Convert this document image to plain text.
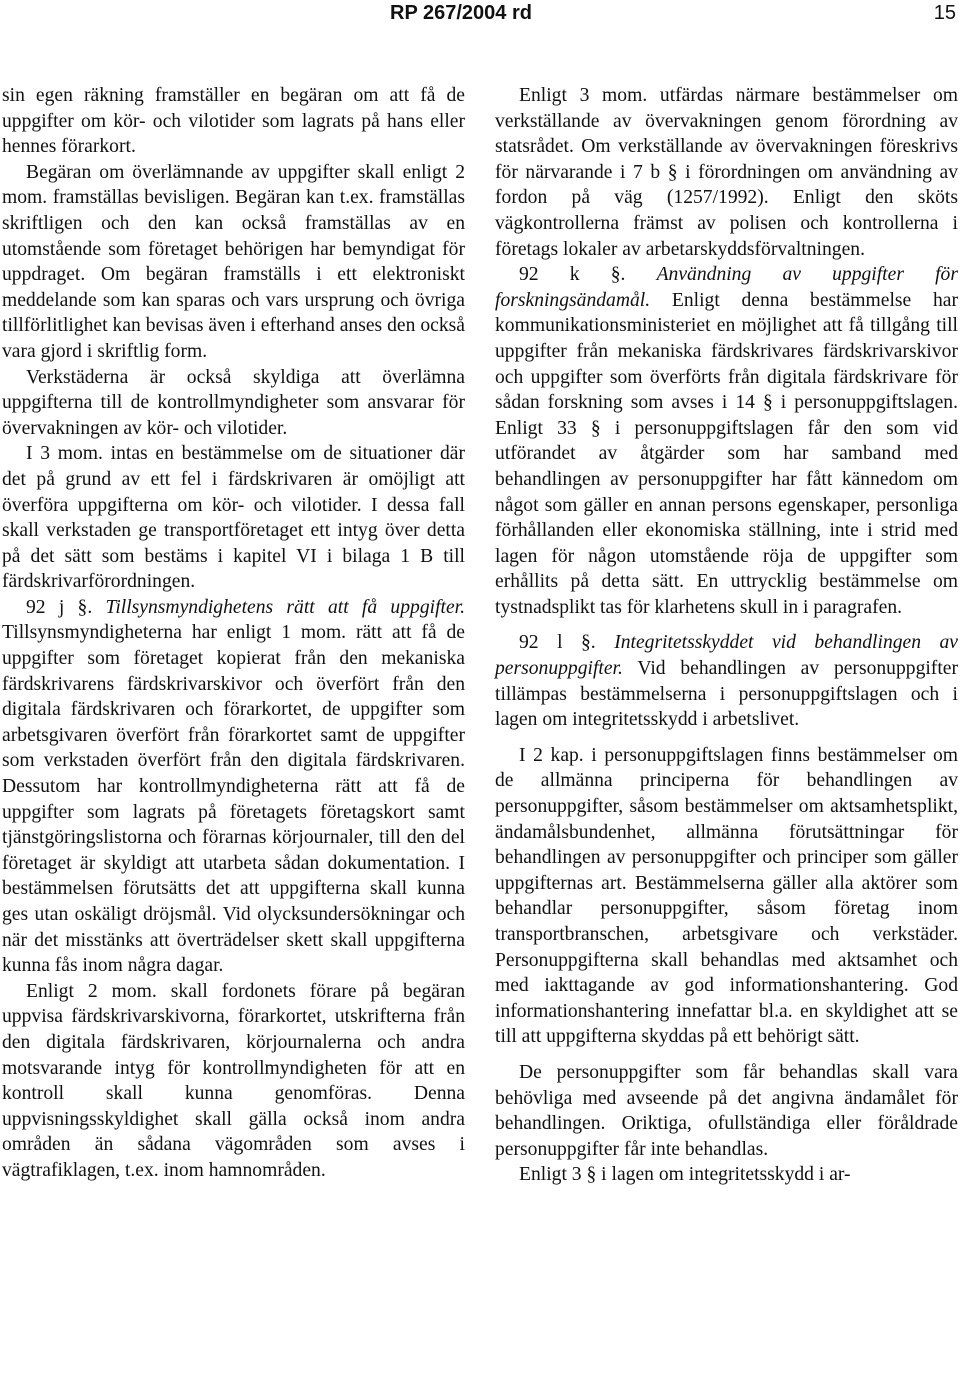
RP 267/2004 rd	15

sin egen räkning framställer en begäran om att få de uppgifter om kör- och vilotider som lagrats på hans eller hennes förarkort.

Begäran om överlämnande av uppgifter skall enligt 2 mom. framställas bevisligen. Begäran kan t.ex. framställas skriftligen och den kan också framställas av en utomstående som företaget behörigen har bemyndigat för uppdraget. Om begäran framställs i ett elektroniskt meddelande som kan sparas och vars ursprung och övriga tillförlitlighet kan bevisas även i efterhand anses den också vara gjord i skriftlig form.

Verkstäderna är också skyldiga att överlämna uppgifterna till de kontrollmyndigheter som ansvarar för övervakningen av kör- och vilotider.

I 3 mom. intas en bestämmelse om de situationer där det på grund av ett fel i färdskrivaren är omöjligt att överföra uppgifterna om kör- och vilotider. I dessa fall skall verkstaden ge transportföretaget ett intyg över detta på det sätt som bestäms i kapitel VI i bilaga 1 B till färdskrivarförordningen.

92 j §. Tillsynsmyndighetens rätt att få uppgifter. Tillsynsmyndigheterna har enligt 1 mom. rätt att få de uppgifter som företaget kopierat från den mekaniska färdskrivarens färdskrivarskivor och överfört från den digitala färdskrivaren och förarkortet, de uppgifter som arbetsgivaren överfört från förarkortet samt de uppgifter som verkstaden överfört från den digitala färdskrivaren. Dessutom har kontrollmyndigheterna rätt att få de uppgifter som lagrats på företagets företagskort samt tjänstgöringslistorna och förarnas körjournaler, till den del företaget är skyldigt att utarbeta sådan dokumentation. I bestämmelsen förutsätts det att uppgifterna skall kunna ges utan oskäligt dröjsmål. Vid olycksundersökningar och när det misstänks att överträdelser skett skall uppgifterna kunna fås inom några dagar.

Enligt 2 mom. skall fordonets förare på begäran uppvisa färdskrivarskivorna, förarkortet, utskrifterna från den digitala färdskrivaren, körjournalerna och andra motsvarande intyg för kontrollmyndigheten för att en kontroll skall kunna genomföras. Denna uppvisningsskyldighet skall gälla också inom andra områden än sådana vägområden som avses i vägtrafiklagen, t.ex. inom hamnområden.

Enligt 3 mom. utfärdas närmare bestämmelser om verkställande av övervakningen genom förordning av statsrådet. Om verkställande av övervakningen föreskrivs för närvarande i 7 b § i förordningen om användning av fordon på väg (1257/1992). Enligt den sköts vägkontrollerna främst av polisen och kontrollerna i företags lokaler av arbetarskyddsförvaltningen.

92 k §. Användning av uppgifter för forskningsändamål. Enligt denna bestämmelse har kommunikationsministeriet en möjlighet att få tillgång till uppgifter från mekaniska färdskrivares färdskrivarskivor och uppgifter som överförts från digitala färdskrivare för sådan forskning som avses i 14 § i personuppgiftslagen. Enligt 33 § i personuppgiftslagen får den som vid utförandet av åtgärder som har samband med behandlingen av personuppgifter har fått kännedom om något som gäller en annan persons egenskaper, personliga förhållanden eller ekonomiska ställning, inte i strid med lagen för någon utomstående röja de uppgifter som erhållits på detta sätt. En uttrycklig bestämmelse om tystnadsplikt tas för klarhetens skull in i paragrafen.

92 l §. Integritetsskyddet vid behandlingen av personuppgifter. Vid behandlingen av personuppgifter tillämpas bestämmelserna i personuppgiftslagen och i lagen om integritetsskydd i arbetslivet.

I 2 kap. i personuppgiftslagen finns bestämmelser om de allmänna principerna för behandlingen av personuppgifter, såsom bestämmelser om aktsamhetsplikt, ändamålsbundenhet, allmänna förutsättningar för behandlingen av personuppgifter och principer som gäller uppgifternas art. Bestämmelserna gäller alla aktörer som behandlar personuppgifter, såsom företag inom transportbranschen, arbetsgivare och verkstäder. Personuppgifterna skall behandlas med aktsamhet och med iakttagande av god informationshantering. God informationshantering innefattar bl.a. en skyldighet att se till att uppgifterna skyddas på ett behörigt sätt.

De personuppgifter som får behandlas skall vara behövliga med avseende på det angivna ändamålet för behandlingen. Oriktiga, ofullständiga eller föråldrade personuppgifter får inte behandlas.

Enligt 3 § i lagen om integritetsskydd i ar-
